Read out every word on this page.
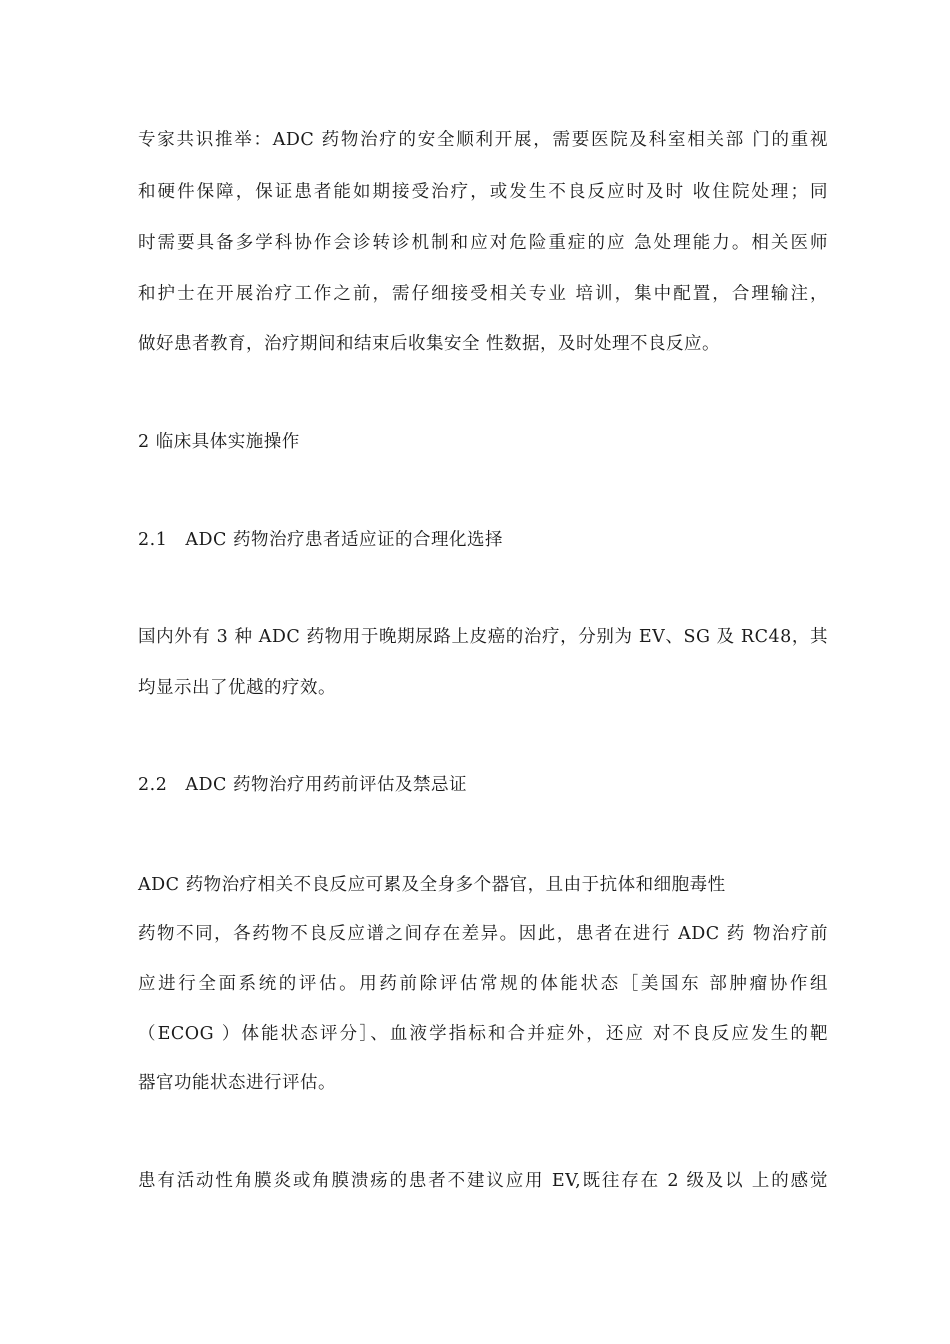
专家共识推举：ADC 药物治疗的安全顺利开展，需要医院及科室相关部 门的重视
和硬件保障，保证患者能如期接受治疗，或发生不良反应时及时 收住院处理；同
时需要具备多学科协作会诊转诊机制和应对危险重症的应 急处理能力。相关医师
和护士在开展治疗工作之前，需仔细接受相关专业 培训，集中配置，合理输注，
做好患者教育，治疗期间和结束后收集安全 性数据，及时处理不良反应。
2 临床具体实施操作
2.1　ADC 药物治疗患者适应证的合理化选择
国内外有 3 种 ADC 药物用于晚期尿路上皮癌的治疗，分别为 EV、SG 及 RC48，其
均显示出了优越的疗效。
2.2　ADC 药物治疗用药前评估及禁忌证
ADC 药物治疗相关不良反应可累及全身多个器官，且由于抗体和细胞毒性
药物不同，各药物不良反应谱之间存在差异。因此，患者在进行 ADC 药 物治疗前
应进行全面系统的评估。用药前除评估常规的体能状态［美国东 部肿瘤协作组
（ECOG ）体能状态评分］、血液学指标和合并症外，还应 对不良反应发生的靶
器官功能状态进行评估。
患有活动性角膜炎或角膜溃疡的患者不建议应用 EV,既往存在 2 级及以 上的感觉
